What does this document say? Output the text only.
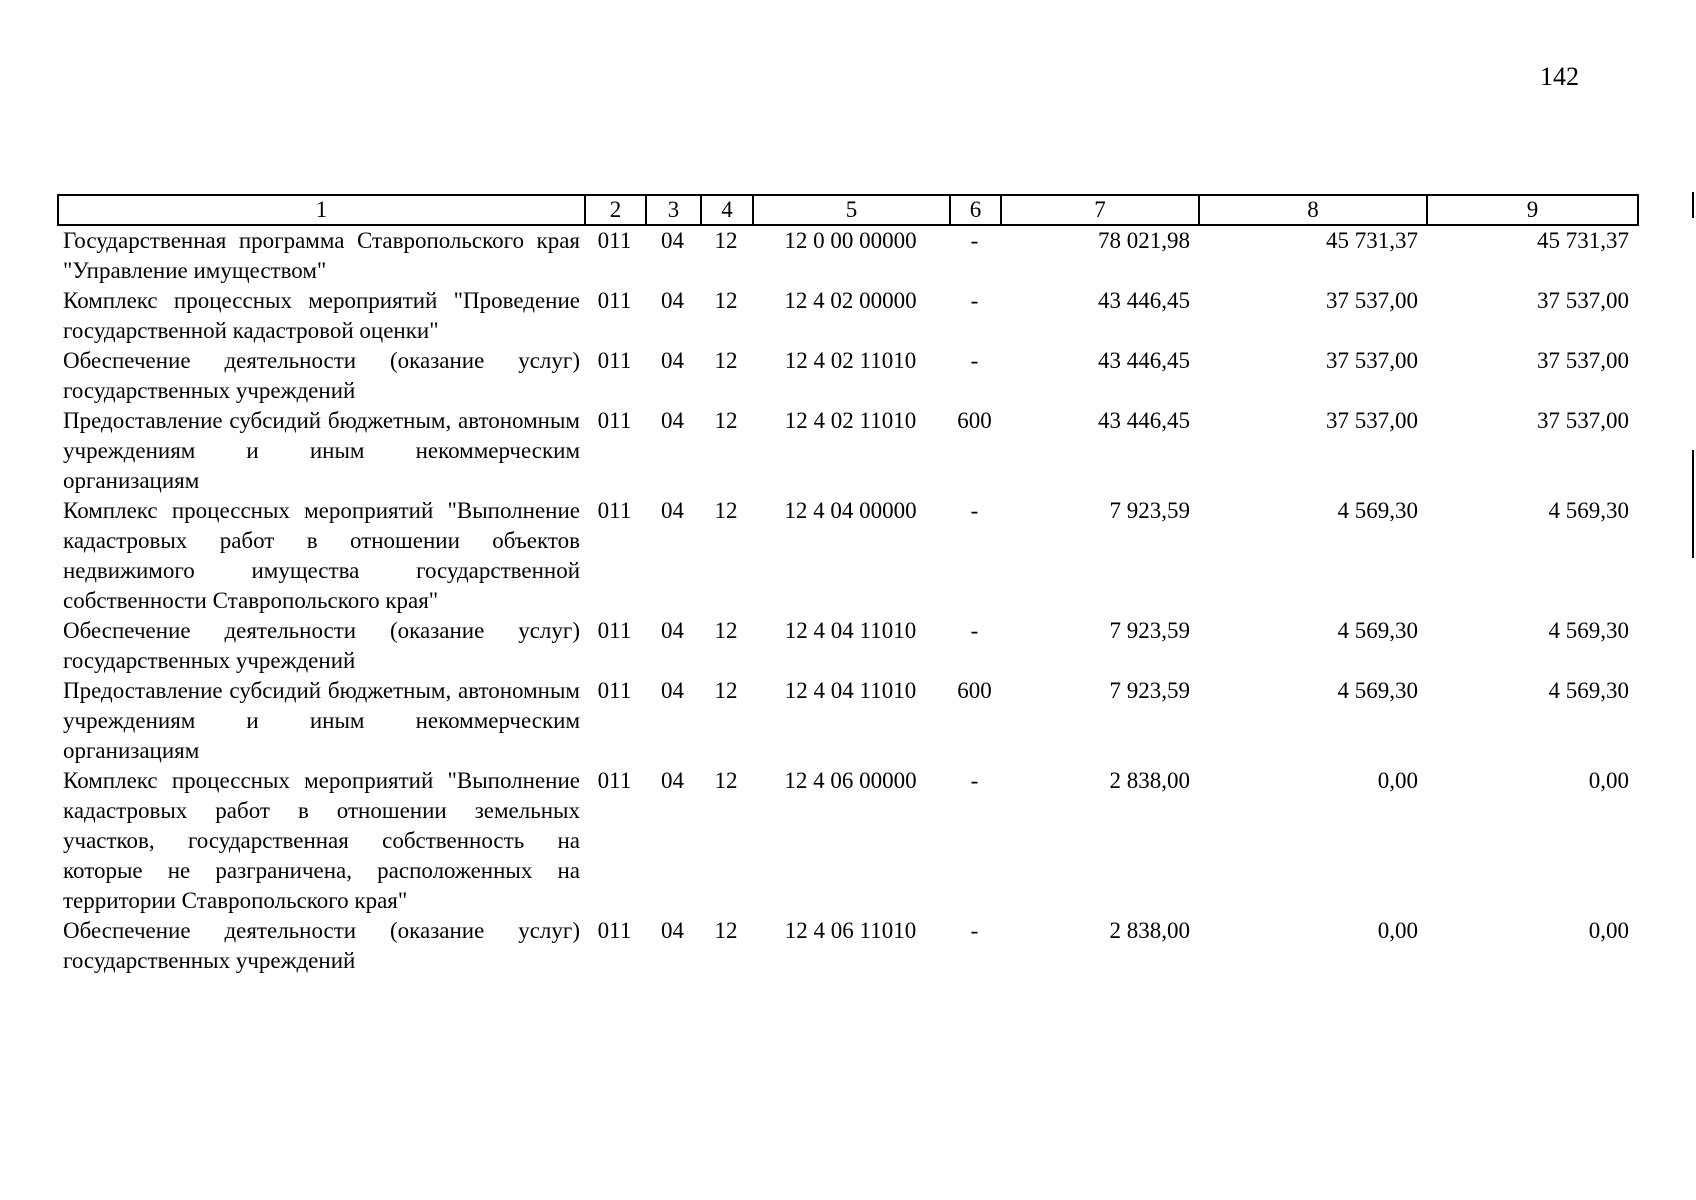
142
1	2	3	4	5	6	7	8	9
Государственная программа Ставропольского края "Управление имуществом"	011	04	12	12 0 00 00000	-	78 021,98	45 731,37	45 731,37
Комплекс процессных мероприятий "Проведение государственной кадастровой оценки"	011	04	12	12 4 02 00000	-	43 446,45	37 537,00	37 537,00
Обеспечение деятельности (оказание услуг) государственных учреждений	011	04	12	12 4 02 11010	-	43 446,45	37 537,00	37 537,00
Предоставление субсидий бюджетным, автономным учреждениям и иным некоммерческим организациям	011	04	12	12 4 02 11010	600	43 446,45	37 537,00	37 537,00
Комплекс процессных мероприятий "Выполнение кадастровых работ в отношении объектов недвижимого имущества государственной собственности Ставропольского края"	011	04	12	12 4 04 00000	-	7 923,59	4 569,30	4 569,30
Обеспечение деятельности (оказание услуг) государственных учреждений	011	04	12	12 4 04 11010	-	7 923,59	4 569,30	4 569,30
Предоставление субсидий бюджетным, автономным учреждениям и иным некоммерческим организациям	011	04	12	12 4 04 11010	600	7 923,59	4 569,30	4 569,30
Комплекс процессных мероприятий "Выполнение кадастровых работ в отношении земельных участков, государственная собственность на которые не разграничена, расположенных на территории Ставропольского края"	011	04	12	12 4 06 00000	-	2 838,00	0,00	0,00
Обеспечение деятельности (оказание услуг) государственных учреждений	011	04	12	12 4 06 11010	-	2 838,00	0,00	0,00
